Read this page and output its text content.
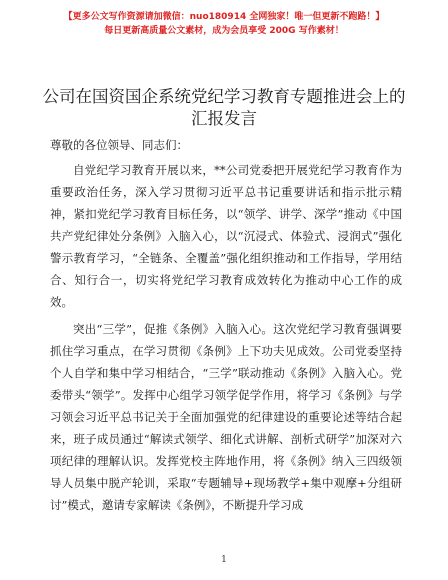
【更多公文写作资源请加微信：nuo180914 全网独家！唯一但更新不跑路！】
每日更新高质量公文素材，成为会员享受 200G 写作素材！
公司在国资国企系统党纪学习教育专题推进会上的汇报发言

尊敬的各位领导、同志们：

自党纪学习教育开展以来，**公司党委把开展党纪学习教育作为重要政治任务，深入学习贯彻习近平总书记重要讲话和指示批示精神，紧扣党纪学习教育目标任务，以“领学、讲学、深学”推动《中国共产党纪律处分条例》入脑入心，以“沉浸式、体验式、浸润式”强化警示教育学习，“全链条、全覆盖”强化组织推动和工作指导，学用结合、知行合一，切实将党纪学习教育成效转化为推动中心工作的成效。

突出“三学”，促推《条例》入脑入心。这次党纪学习教育强调要抓住学习重点，在学习贯彻《条例》上下功夫见成效。公司党委坚持个人自学和集中学习相结合，“三学”联动推动《条例》入脑入心。党委带头“领学”。发挥中心组学习领学促学作用，将学习《条例》与学习领会习近平总书记关于全面加强党的纪律建设的重要论述等结合起来，班子成员通过“解读式领学、细化式讲解、剖析式研学”加深对六项纪律的理解认识。发挥党校主阵地作用，将《条例》纳入三四级领导人员集中脱产轮训，采取“专题辅导+现场教学+集中观摩+分组研讨”模式，邀请专家解读《条例》，不断提升学习成

1
